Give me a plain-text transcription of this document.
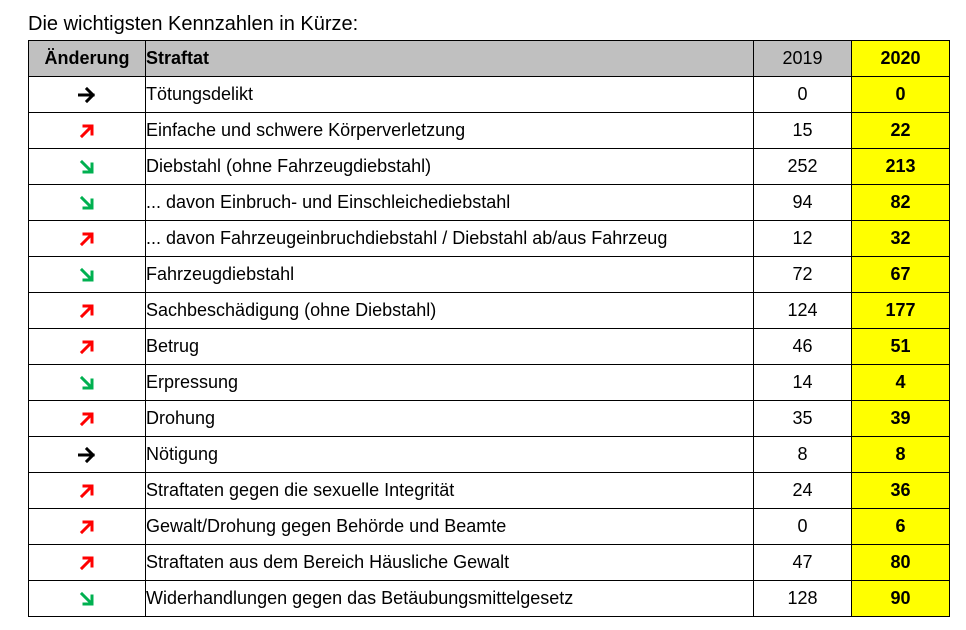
Die wichtigsten Kennzahlen in Kürze:
Änderung	Straftat	2019	2020

	Tötungsdelikt	0	0

	Einfache und schwere Körperverletzung	15	22

	Diebstahl (ohne Fahrzeugdiebstahl)	252	213

	... davon Einbruch- und Einschleichediebstahl	94	82

	... davon Fahrzeugeinbruchdiebstahl / Diebstahl ab/aus Fahrzeug	12	32

	Fahrzeugdiebstahl	72	67

	Sachbeschädigung (ohne Diebstahl)	124	177

	Betrug	46	51

	Erpressung	14	4

	Drohung	35	39

	Nötigung	8	8

	Straftaten gegen die sexuelle Integrität	24	36

	Gewalt/Drohung gegen Behörde und Beamte	0	6

	Straftaten aus dem Bereich Häusliche Gewalt	47	80

	Widerhandlungen gegen das Betäubungsmittelgesetz	128	90
